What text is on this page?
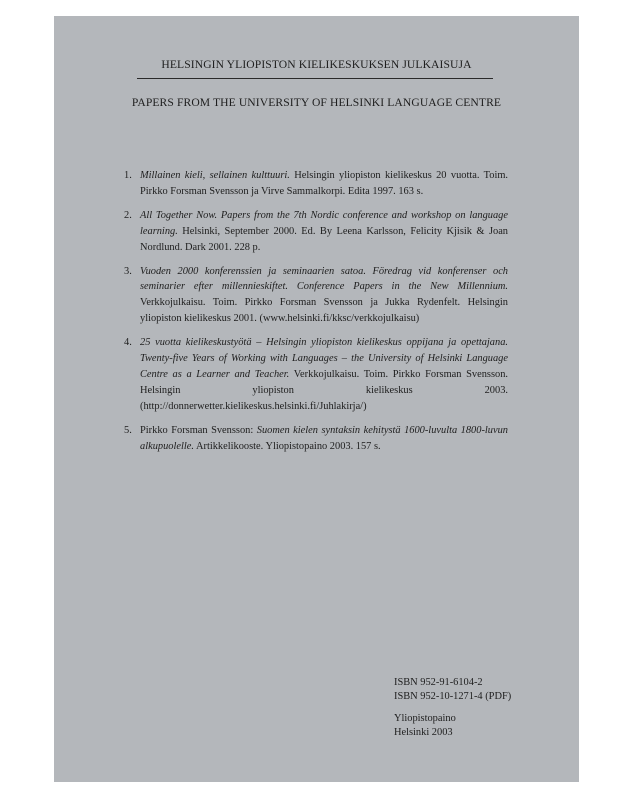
HELSINGIN YLIOPISTON KIELIKESKUKSEN JULKAISUJA
PAPERS FROM THE UNIVERSITY OF HELSINKI LANGUAGE CENTRE
1. Millainen kieli, sellainen kulttuuri. Helsingin yliopiston kielikeskus 20 vuotta. Toim. Pirkko Forsman Svensson ja Virve Sammalkorpi. Edita 1997. 163 s.
2. All Together Now. Papers from the 7th Nordic conference and workshop on language learning. Helsinki, September 2000. Ed. By Leena Karlsson, Felicity Kjisik & Joan Nordlund. Dark 2001. 228 p.
3. Vuoden 2000 konferenssien ja seminaarien satoa. Föredrag vid konferenser och seminarier efter millennieskiftet. Conference Papers in the New Millennium. Verkkojulkaisu. Toim. Pirkko Forsman Svensson ja Jukka Rydenfelt. Helsingin yliopiston kielikeskus 2001. (www.helsinki.fi/kksc/verkkojulkaisu)
4. 25 vuotta kielikeskustyötä – Helsingin yliopiston kielikeskus oppijana ja opettajana. Twenty-five Years of Working with Languages – the University of Helsinki Language Centre as a Learner and Teacher. Verkkojulkaisu. Toim. Pirkko Forsman Svensson. Helsingin yliopiston kielikeskus 2003. (http://donnerwetter.kielikeskus.helsinki.fi/Juhlakirja/)
5. Pirkko Forsman Svensson: Suomen kielen syntaksin kehitystä 1600-luvulta 1800-luvun alkupuolelle. Artikkelikooste. Yliopistopaino 2003. 157 s.
ISBN 952-91-6104-2
ISBN 952-10-1271-4 (PDF)
Yliopistopaino
Helsinki 2003
